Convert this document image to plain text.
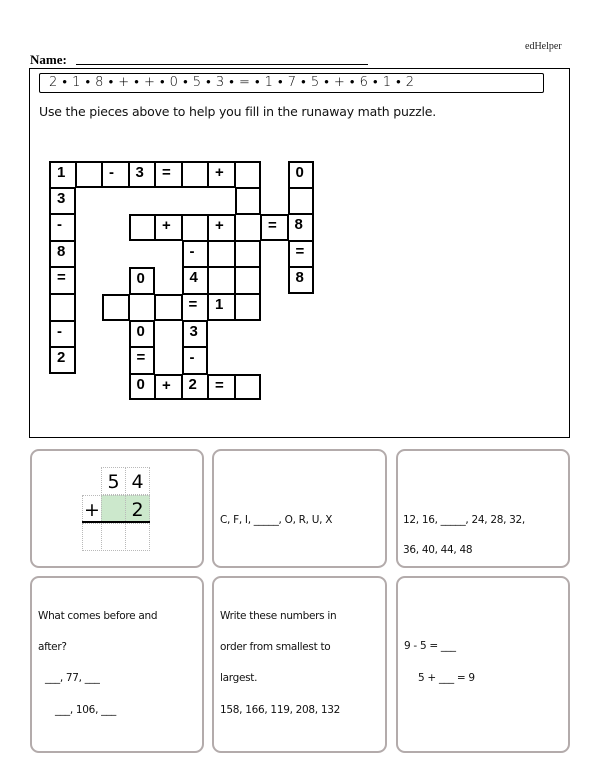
edHelper
Name:
2 • 1 • 8 • + • + • 0 • 5 • 3 • = • 1 • 7 • 5 • + • 6 • 1 • 2
Use the pieces above to help you fill in the runaway math puzzle.
1	-	3	=	+	0
3
-	+	+	=	8
8	-	=
=	0	4	8
=	1
-	0	3
2	=	-
0	+	2	=
5 4
+	2	C, F, I, _____, O, R, U, X	12, 16, _____, 24, 28, 32,
36, 40, 44, 48
What comes before and
after?
___, 77, ___
___, 106, ___
Write these numbers in
order from smallest to
largest.
158, 166, 119, 208, 132
9 - 5 = ___
5 + ___ = 9
